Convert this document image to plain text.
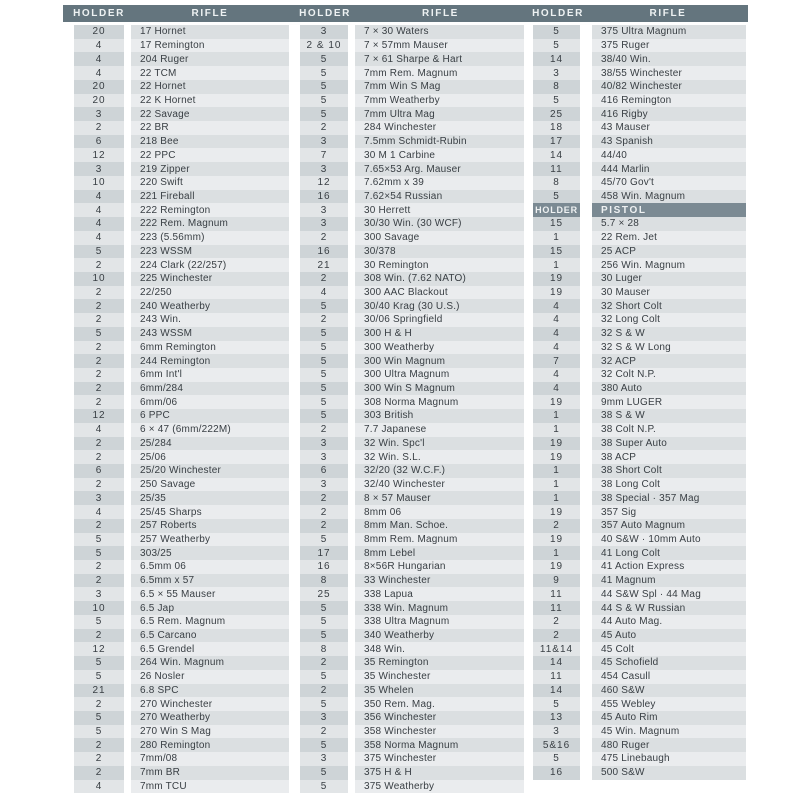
HOLDER	RIFLE	HOLDER	RIFLE	HOLDER	RIFLE
20	17 Hornet
4	17 Remington
4	204 Ruger
4	22 TCM
20	22 Hornet
20	22 K Hornet
3	22 Savage
2	22 BR
6	218 Bee
12	22 PPC
3	219 Zipper
10	220 Swift
4	221 Fireball
4	222 Remington
4	222 Rem. Magnum
4	223 (5.56mm)
5	223 WSSM
2	224 Clark (22/257)
10	225 Winchester
2	22/250
2	240 Weatherby
2	243 Win.
5	243 WSSM
2	6mm Remington
2	244 Remington
2	6mm Int'l
2	6mm/284
2	6mm/06
12	6 PPC
4	6 × 47 (6mm/222M)
2	25/284
2	25/06
6	25/20 Winchester
2	250 Savage
3	25/35
4	25/45 Sharps
2	257 Roberts
5	257 Weatherby
5	303/25
2	6.5mm 06
2	6.5mm x 57
3	6.5 × 55 Mauser
10	6.5 Jap
5	6.5 Rem. Magnum
2	6.5 Carcano
12	6.5 Grendel
5	264 Win. Magnum
5	26 Nosler
21	6.8 SPC
2	270 Winchester
5	270 Weatherby
5	270 Win S Mag
2	280 Remington
2	7mm/08
2	7mm BR
4	7mm TCU
3	7 × 30 Waters
2 & 10	7 × 57mm Mauser
5	7 × 61 Sharpe & Hart
5	7mm Rem. Magnum
5	7mm Win S Mag
5	7mm Weatherby
5	7mm Ultra Mag
2	284 Winchester
3	7.5mm Schmidt-Rubin
7	30 M 1 Carbine
3	7.65×53 Arg. Mauser
12	7.62mm x 39
16	7.62×54 Russian
3	30 Herrett
3	30/30 Win. (30 WCF)
2	300 Savage
16	30/378
21	30 Remington
2	308 Win. (7.62 NATO)
4	300 AAC Blackout
5	30/40 Krag (30 U.S.)
2	30/06 Springfield
5	300 H & H
5	300 Weatherby
5	300 Win Magnum
5	300 Ultra Magnum
5	300 Win S Magnum
5	308 Norma Magnum
5	303 British
2	7.7 Japanese
3	32 Win. Spc'l
3	32 Win. S.L.
6	32/20 (32 W.C.F.)
3	32/40 Winchester
2	8 × 57 Mauser
2	8mm 06
2	8mm Man. Schoe.
5	8mm Rem. Magnum
17	8mm Lebel
16	8×56R Hungarian
8	33 Winchester
25	338 Lapua
5	338 Win. Magnum
5	338 Ultra Magnum
5	340 Weatherby
8	348 Win.
2	35 Remington
5	35 Winchester
2	35 Whelen
5	350 Rem. Mag.
3	356 Winchester
2	358 Winchester
5	358 Norma Magnum
3	375 Winchester
5	375 H & H
5	375 Weatherby
5	375 Ultra Magnum
5	375 Ruger
14	38/40 Win.
3	38/55 Winchester
8	40/82 Winchester
5	416 Remington
25	416 Rigby
18	43 Mauser
17	43 Spanish
14	44/40
11	444 Marlin
8	45/70 Gov't
5	458 Win. Magnum
HOLDER	PISTOL
15	5.7 × 28
1	22 Rem. Jet
15	25 ACP
1	256 Win. Magnum
19	30 Luger
19	30 Mauser
4	32 Short Colt
4	32 Long Colt
4	32 S & W
4	32 S & W Long
7	32 ACP
4	32 Colt N.P.
4	380 Auto
19	9mm LUGER
1	38 S & W
1	38 Colt N.P.
19	38 Super Auto
19	38 ACP
1	38 Short Colt
1	38 Long Colt
1	38 Special · 357 Mag
19	357 Sig
2	357 Auto Magnum
19	40 S&W · 10mm Auto
1	41 Long Colt
19	41 Action Express
9	41 Magnum
11	44 S&W Spl · 44 Mag
11	44 S & W Russian
2	44 Auto Mag.
2	45 Auto
11&14	45 Colt
14	45 Schofield
11	454 Casull
14	460 S&W
5	455 Webley
13	45 Auto Rim
3	45 Win. Magnum
5&16	480 Ruger
5	475 Linebaugh
16	500 S&W
